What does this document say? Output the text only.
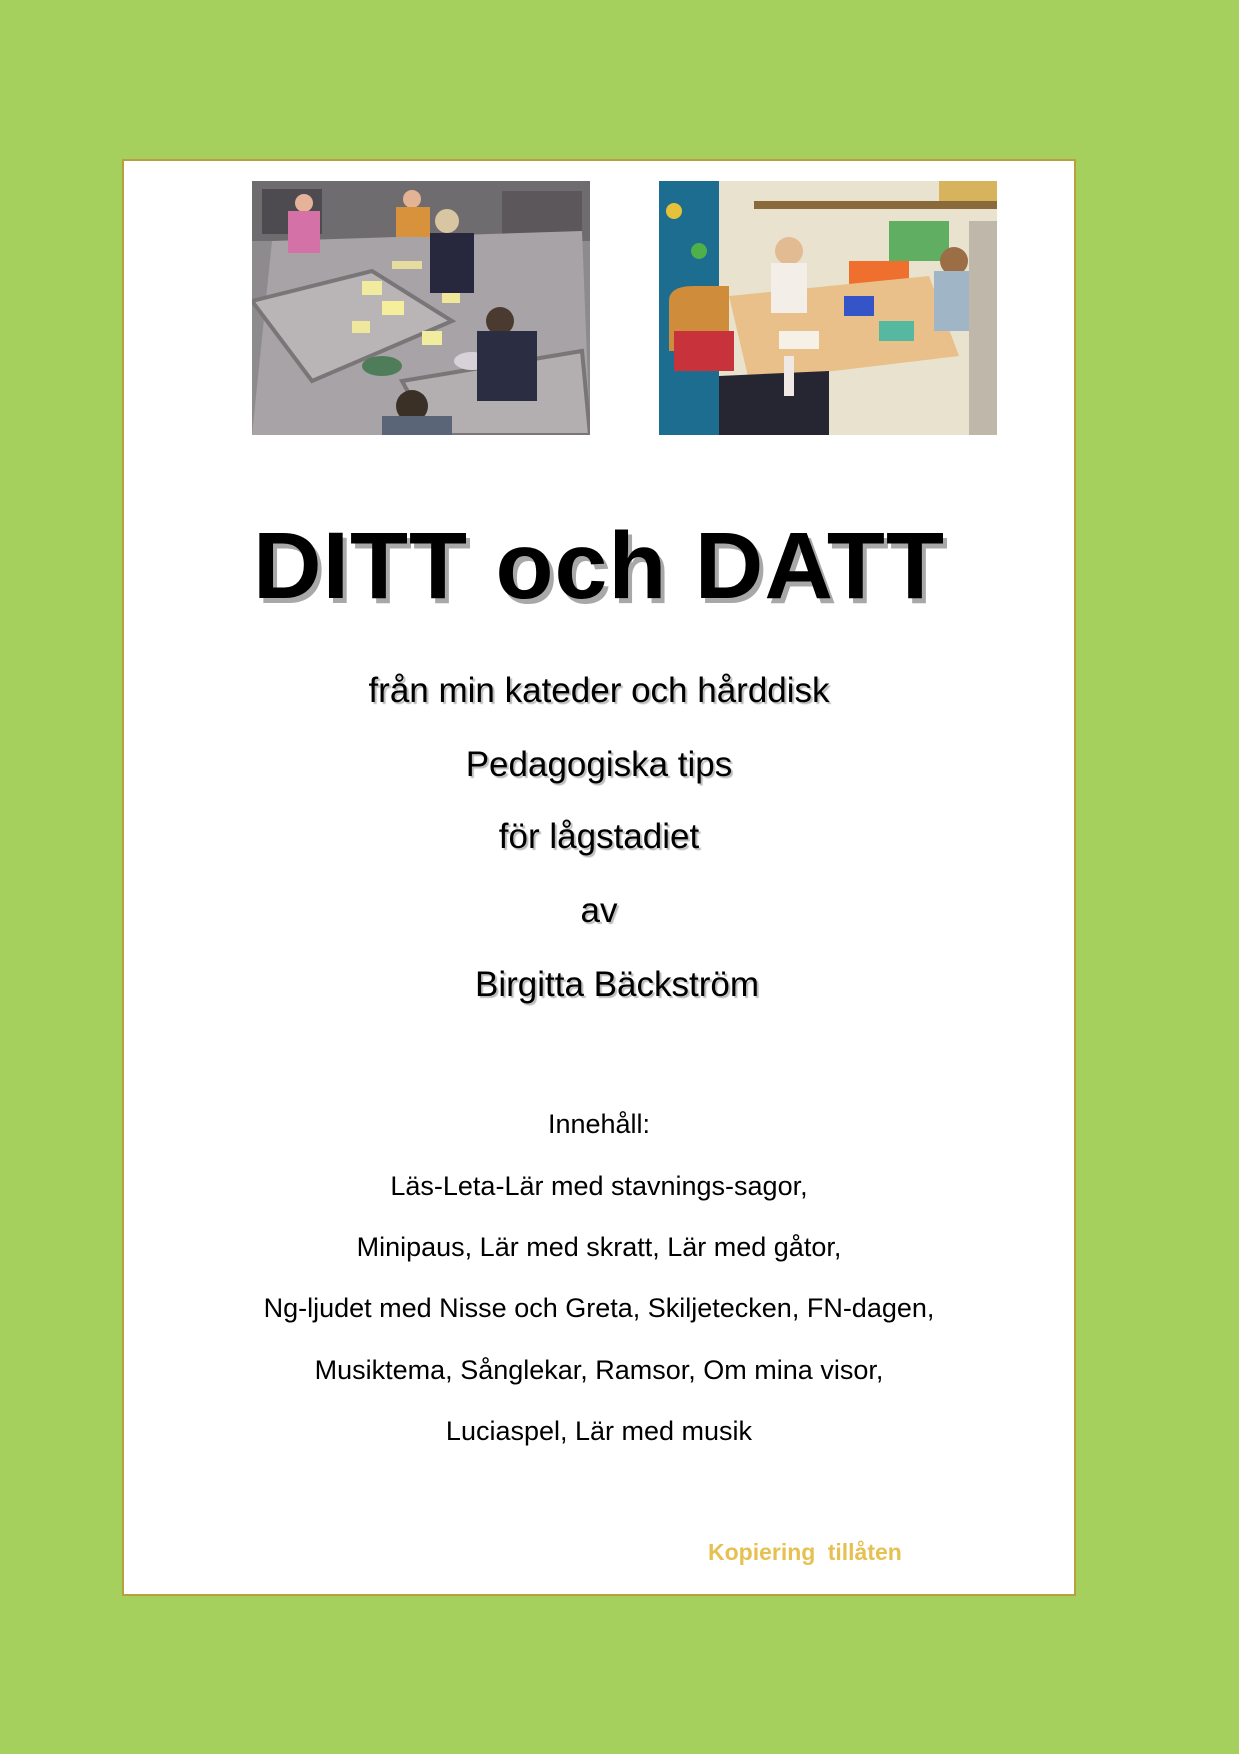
DITT och DATT
från min kateder och hårddisk
Pedagogiska tips
för lågstadiet
av
Birgitta Bäckström
Innehåll:
Läs-Leta-Lär med stavnings-sagor,
Minipaus, Lär med skratt, Lär med gåtor,
Ng-ljudet med Nisse och Greta, Skiljetecken, FN-dagen,
Musiktema, Sånglekar, Ramsor, Om mina visor,
Luciaspel, Lär med musik
Kopiering tillåten
